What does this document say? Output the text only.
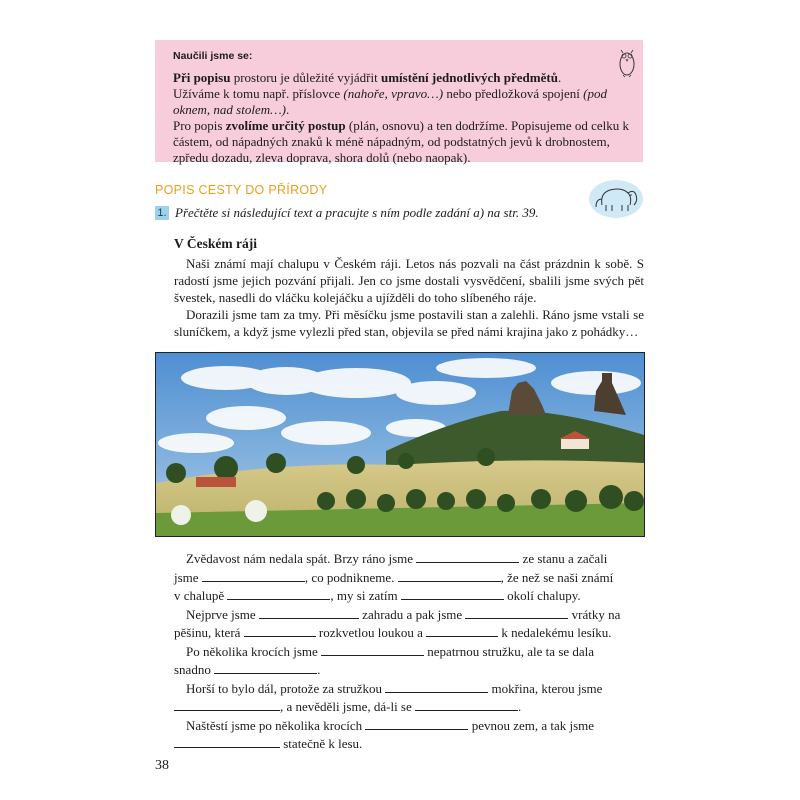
Naučili jsme se:

Při popisu prostoru je důležité vyjádřit umístění jednotlivých předmětů.

Užíváme k tomu např. příslovce (nahoře, vpravo…) nebo předložková spojení (pod oknem, nad stolem…).

Pro popis zvolíme určitý postup (plán, osnovu) a ten dodržíme. Popisujeme od celku k částem, od nápadných znaků k méně nápadným, od podstatných jevů k drobnostem, zpředu dozadu, zleva doprava, shora dolů (nebo naopak).

POPIS CESTY DO PŘÍRODY
1. Přečtěte si následující text a pracujte s ním podle zadání a) na str. 39.
V Českém ráji

Naši známí mají chalupu v Českém ráji. Letos nás pozvali na část prázdnin k sobě. S radostí jsme jejich pozvání přijali. Jen co jsme dostali vysvědčení, sbalili jsme svých pět švestek, nasedli do vláčku kolejáčku a ujížděli do toho slíbeného ráje.

Dorazili jsme tam za tmy. Při měsíčku jsme postavili stan a zalehli. Ráno jsme vstali se sluníčkem, a když jsme vylezli před stan, objevila se před námi krajina jako z pohádky…

Zvědavost nám nedala spát. Brzy ráno jsme	ze stanu a začali
jsme	, co podnikneme.	, že než se naši známí
v chalupě	, my si zatím	okolí chalupy.
Nejprve jsme	zahradu a pak jsme	vrátky na
pěšinu, která	rozkvetlou loukou a	k nedalekému lesíku.
Po několika krocích jsme	nepatrnou stružku, ale ta se dala
snadno	.
Horší to bylo dál, protože za stružkou	mokřina, kterou jsme
, a nevěděli jsme, dá-li se	.
Naštěstí jsme po několika krocích	pevnou zem, a tak jsme
statečně k lesu.
38
